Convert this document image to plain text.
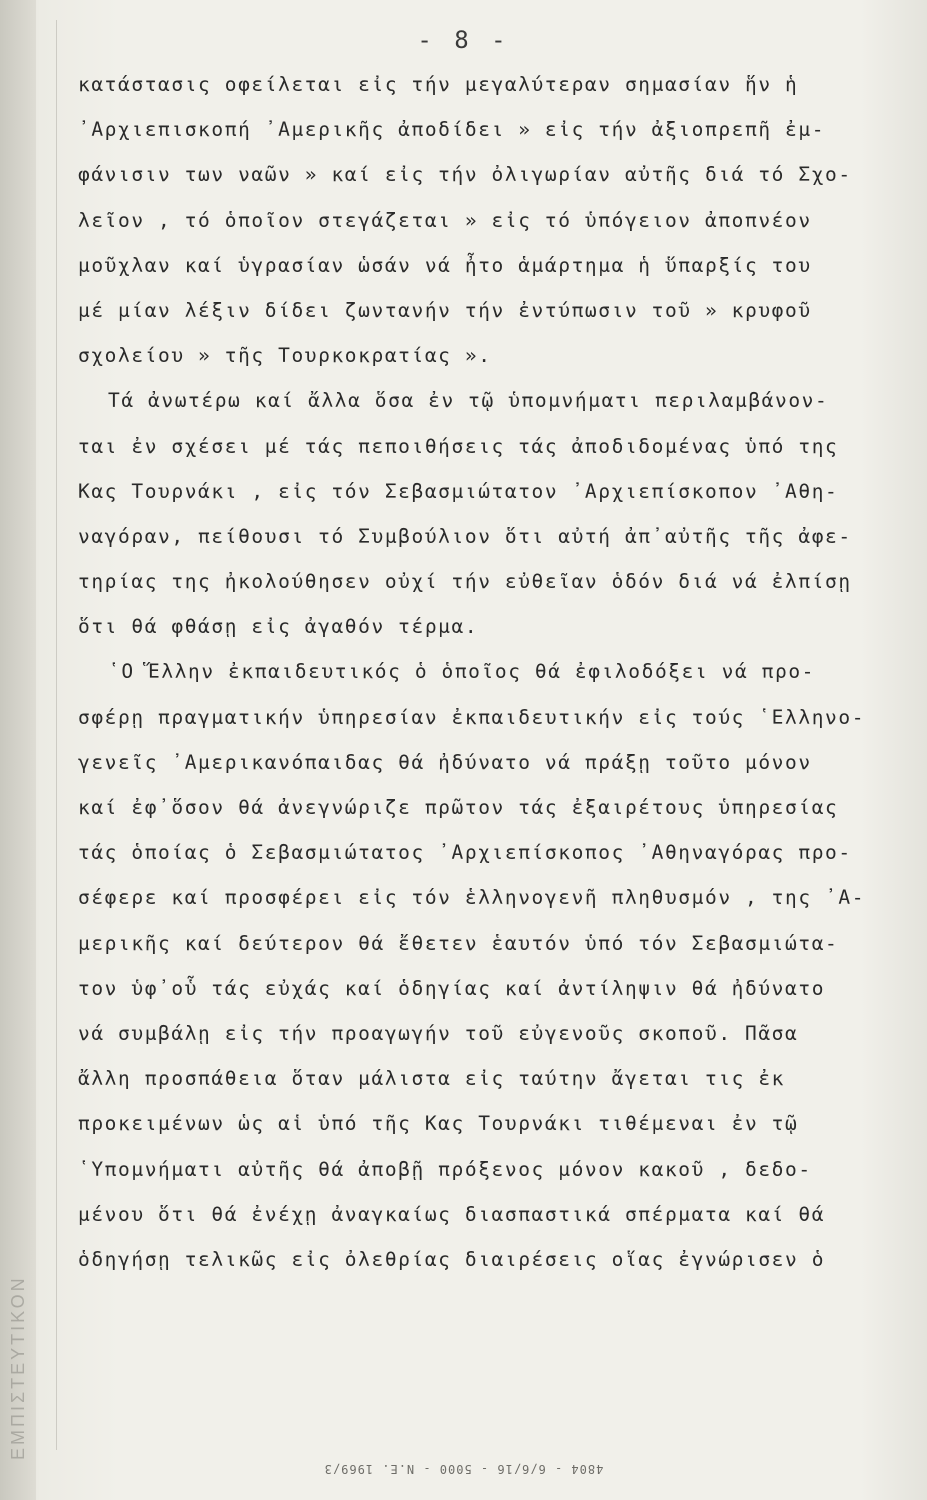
- 8 -
κατάστασις οφείλεται εἰς τήν μεγαλύτεραν σημασίαν ἥν ἡ
᾿Αρχιεπισκοπή ᾿Αμερικῆς ἀποδίδει » εἰς τήν ἀξιοπρεπῆ ἐμ-
φάνισιν των ναῶν » καί εἰς τήν ὀλιγωρίαν αὐτῆς διά τό Σχο-
λεῖον , τό ὁποῖον στεγάζεται » εἰς τό ὑπόγειον ἀποπνέον
μοῦχλαν καί ὑγρασίαν ὡσάν νά ἦτο ἁμάρτημα ἡ ὕπαρξίς του
μέ μίαν λέξιν δίδει ζωντανήν τήν ἐντύπωσιν τοῦ » κρυφοῦ
σχολείου » τῆς Τουρκοκρατίας ».
Τά ἀνωτέρω καί ἄλλα ὅσα ἐν τῷ ὑπομνήματι περιλαμβάνον-
ται ἐν σχέσει μέ τάς πεποιθήσεις τάς ἀποδιδομένας ὑπό της
Κας Τουρνάκι , εἰς τόν Σεβασμιώτατον ᾿Αρχιεπίσκοπον ᾿Αθη-
ναγόραν, πείθουσι τό Συμβούλιον ὅτι αὐτή ἀπ᾿αὐτῆς τῆς ἀφε-
τηρίας της ἠκολούθησεν οὐχί τήν εὐθεῖαν ὁδόν διά νά ἐλπίσῃ
ὅτι θά φθάσῃ εἰς ἀγαθόν τέρμα.
῾Ο Ἕλλην ἐκπαιδευτικός ὁ ὁποῖος θά ἐφιλοδόξει νά προ-
σφέρῃ πραγματικήν ὑπηρεσίαν ἐκπαιδευτικήν εἰς τούς ῾Ελληνο-
γενεῖς ᾿Αμερικανόπαιδας θά ἠδύνατο νά πράξῃ τοῦτο μόνον
καί ἐφ᾿ὅσον θά ἀνεγνώριζε πρῶτον τάς ἐξαιρέτους ὑπηρεσίας
τάς ὁποίας ὁ Σεβασμιώτατος ᾿Αρχιεπίσκοπος ᾿Αθηναγόρας προ-
σέφερε καί προσφέρει εἰς τόν ἑλληνογενῆ πληθυσμόν , της ᾿Α-
μερικῆς καί δεύτερον θά ἔθετεν ἑαυτόν ὑπό τόν Σεβασμιώτα-
τον ὑφ᾿οὗ τάς εὐχάς καί ὁδηγίας καί ἀντίληψιν θά ἠδύνατο
νά συμβάλῃ εἰς τήν προαγωγήν τοῦ εὐγενοῦς σκοποῦ. Πᾶσα
ἄλλη προσπάθεια ὅταν μάλιστα εἰς ταύτην ἄγεται τις ἐκ
προκειμένων ὡς αἱ ὑπό τῆς Κας Τουρνάκι τιθέμεναι ἐν τῷ
῾Υπομνήματι αὐτῆς θά ἀποβῇ πρόξενος μόνον κακοῦ , δεδο-
μένου ὅτι θά ἐνέχῃ ἀναγκαίως διασπαστικά σπέρματα καί θά
ὁδηγήσῃ τελικῶς εἰς ὀλεθρίας διαιρέσεις οἵας ἐγνώρισεν ὁ
ΕΜΠΙΣΤΕΥΤΙΚΟΝ
4804 - 6/6/16 - 5000 - Ν.Ε. 1969/3
